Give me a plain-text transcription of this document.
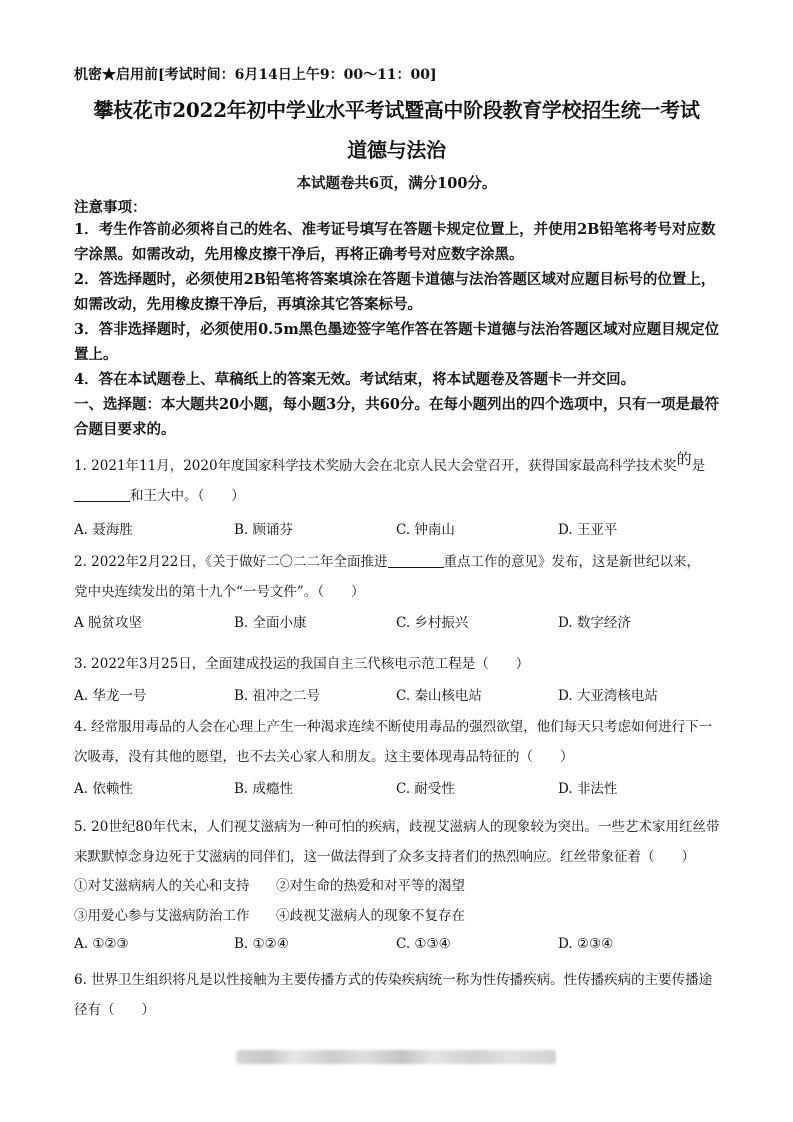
机密★启用前[考试时间：6月14日上午9：00～11：00]
攀枝花市2022年初中学业水平考试暨高中阶段教育学校招生统一考试
道德与法治
本试题卷共6页，满分100分。
注意事项：
1．考生作答前必须将自己的姓名、准考证号填写在答题卡规定位置上，并使用2B铅笔将考号对应数字涂黑。如需改动，先用橡皮擦干净后，再将正确考号对应数字涂黑。
2．答选择题时，必须使用2B铅笔将答案填涂在答题卡道德与法治答题区域对应题目标号的位置上，如需改动，先用橡皮擦干净后，再填涂其它答案标号。
3．答非选择题时，必须使用0.5m黑色墨迹签字笔作答在答题卡道德与法治答题区域对应题目规定位置上。
4．答在本试题卷上、草稿纸上的答案无效。考试结束，将本试题卷及答题卡一并交回。
一、选择题：本大题共20小题，每小题3分，共60分。在每小题列出的四个选项中，只有一项是最符合题目要求的。
1. 2021年11月，2020年度国家科学技术奖励大会在北京人民大会堂召开，获得国家最高科学技术奖的是
和王大中。（　　）
A. 聂海胜	B. 顾诵芬	C. 钟南山	D. 王亚平
2. 2022年2月22日，《关于做好二〇二二年全面推进	重点工作的意见》发布，这是新世纪以来，
党中央连续发出的第十九个“一号文件”。（　　）
A 脱贫攻坚	B. 全面小康	C. 乡村振兴	D. 数字经济
3. 2022年3月25日，全面建成投运的我国自主三代核电示范工程是（　　）
A. 华龙一号	B. 祖冲之二号	C. 秦山核电站	D. 大亚湾核电站
4. 经常服用毒品的人会在心理上产生一种渴求连续不断使用毒品的强烈欲望，他们每天只考虑如何进行下一次吸毒，没有其他的愿望，也不去关心家人和朋友。这主要体现毒品特征的（　　）
A. 依赖性	B. 成瘾性	C. 耐受性	D. 非法性
5. 20世纪80年代末，人们视艾滋病为一种可怕的疾病，歧视艾滋病人的现象较为突出。一些艺术家用红丝带来默默悼念身边死于艾滋病的同伴们，这一做法得到了众多支持者们的热烈响应。红丝带象征着（　　）
①对艾滋病病人的关心和支持 ②对生命的热爱和对平等的渴望
③用爱心参与艾滋病防治工作 ④歧视艾滋病人的现象不复存在
A. ①②③	B. ①②④	C. ①③④	D. ②③④
6. 世界卫生组织将凡是以性接触为主要传播方式的传染疾病统一称为性传播疾病。性传播疾病的主要传播途径有（　　）
